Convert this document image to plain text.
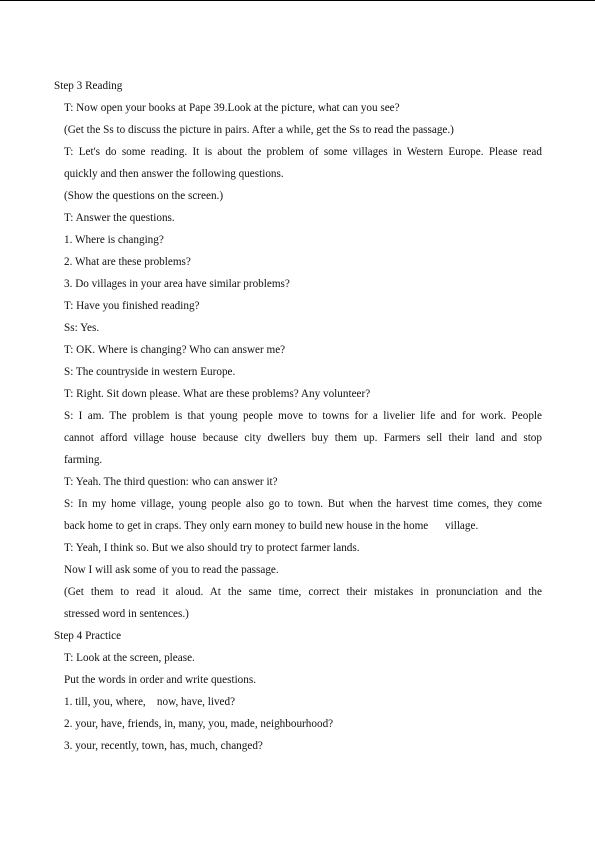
Step 3 Reading

T: Now open your books at Pape 39.Look at the picture, what can you see?

(Get the Ss to discuss the picture in pairs. After a while, get the Ss to read the passage.)

T: Let's do some reading. It is about the problem of some villages in Western Europe. Please read

quickly and then answer the following questions.

(Show the questions on the screen.)

T: Answer the questions.

1. Where is changing?

2. What are these problems?

3. Do villages in your area have similar problems?

T: Have you finished reading?

Ss: Yes.

T: OK. Where is changing? Who can answer me?

S: The countryside in western Europe.

T: Right. Sit down please. What are these problems? Any volunteer?

S: I am. The problem is that young people move to towns for a livelier life and for work. People

cannot afford village house because city dwellers buy them up. Farmers sell their land and stop

farming.

T: Yeah. The third question: who can answer it?

S: In my home village, young people also go to town. But when the harvest time comes, they come

back home to get in craps. They only earn money to build new house in the home      village.

T: Yeah, I think so. But we also should try to protect farmer lands.

Now I will ask some of you to read the passage.

(Get them to read it aloud. At the same time, correct their mistakes in pronunciation and the

stressed word in sentences.)

Step 4 Practice

T: Look at the screen, please.

Put the words in order and write questions.

1. till, you, where,    now, have, lived?

2. your, have, friends, in, many, you, made, neighbourhood?

3. your, recently, town, has, much, changed?
